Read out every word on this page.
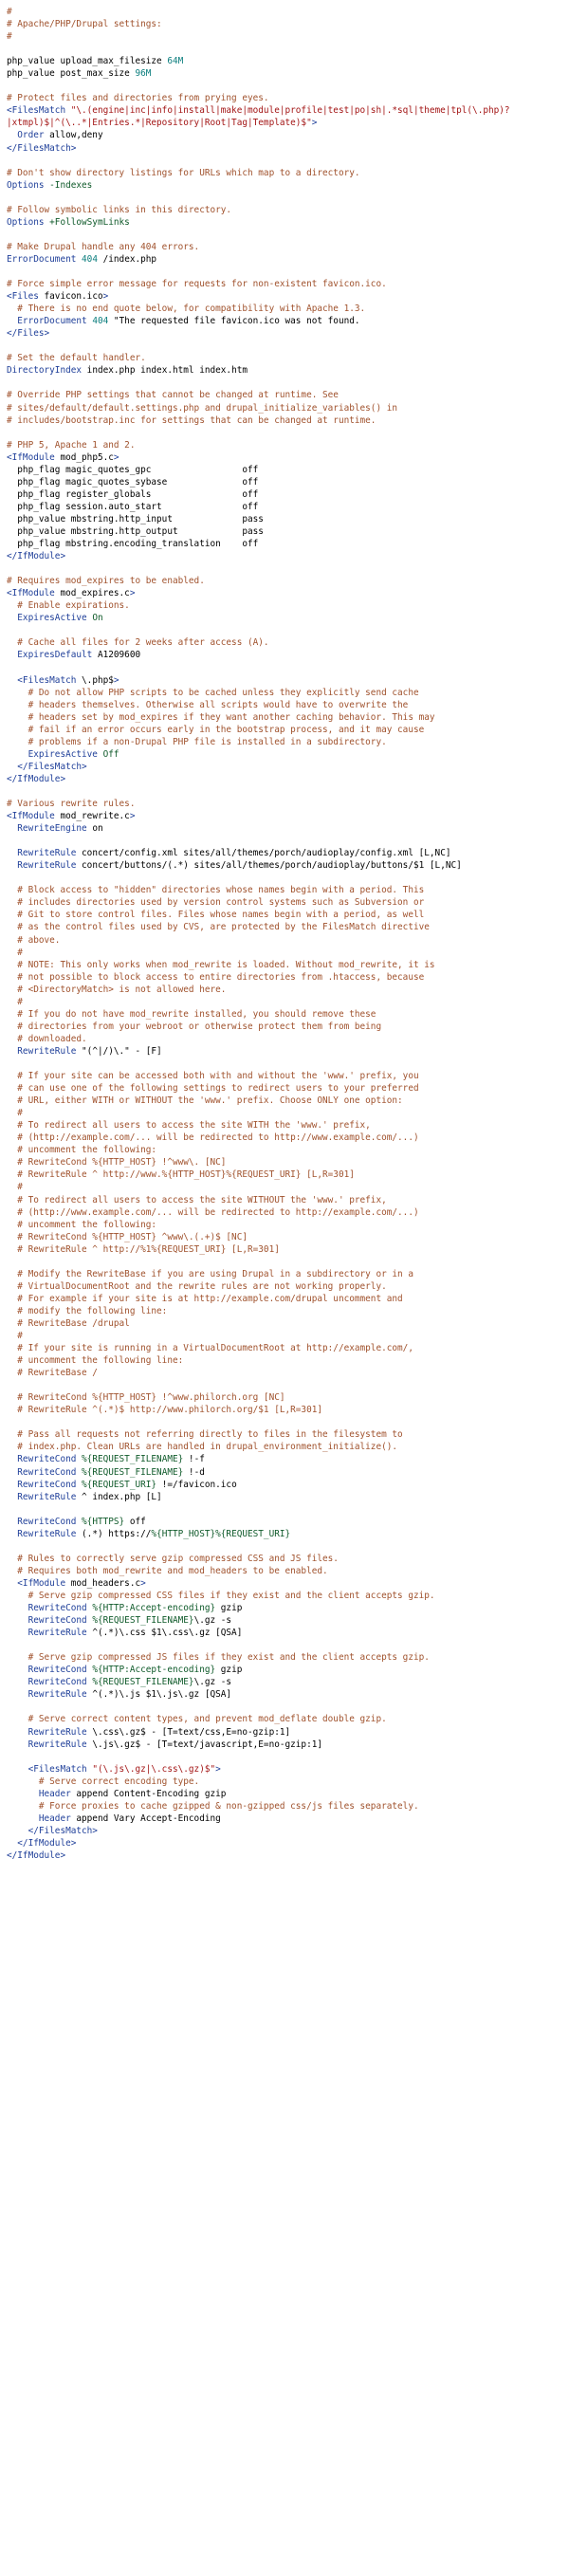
#
# Apache/PHP/Drupal settings:
#
php_value upload_max_filesize 64M
php_value post_max_size 96M
# Protect files and directories from prying eyes.
<FilesMatch "\.(engine|inc|info|install|make|module|profile|test|po|sh|.*sql|theme|tpl(\.php)?
|xtmpl)$|^(\..*|Entries.*|Repository|Root|Tag|Template)$">
Order allow,deny
</FilesMatch>
# Don't show directory listings for URLs which map to a directory.
Options -Indexes
# Follow symbolic links in this directory.
Options +FollowSymLinks
# Make Drupal handle any 404 errors.
ErrorDocument 404 /index.php
# Force simple error message for requests for non-existent favicon.ico.
<Files favicon.ico>
# There is no end quote below, for compatibility with Apache 1.3.
ErrorDocument 404 "The requested file favicon.ico was not found.
</Files>
# Set the default handler.
DirectoryIndex index.php index.html index.htm
# Override PHP settings that cannot be changed at runtime. See
# sites/default/default.settings.php and drupal_initialize_variables() in
# includes/bootstrap.inc for settings that can be changed at runtime.
# PHP 5, Apache 1 and 2.
<IfModule mod_php5.c>
php_flag magic_quotes_gpc                 off
php_flag magic_quotes_sybase              off
php_flag register_globals                 off
php_flag session.auto_start               off
php_value mbstring.http_input             pass
php_value mbstring.http_output            pass
php_flag mbstring.encoding_translation    off
</IfModule>
# Requires mod_expires to be enabled.
<IfModule mod_expires.c>
# Enable expirations.
ExpiresActive On
# Cache all files for 2 weeks after access (A).
ExpiresDefault A1209600
<FilesMatch \.php$>
# Do not allow PHP scripts to be cached unless they explicitly send cache
# headers themselves. Otherwise all scripts would have to overwrite the
# headers set by mod_expires if they want another caching behavior. This may
# fail if an error occurs early in the bootstrap process, and it may cause
# problems if a non-Drupal PHP file is installed in a subdirectory.
ExpiresActive Off
</FilesMatch>
</IfModule>
# Various rewrite rules.
<IfModule mod_rewrite.c>
RewriteEngine on
RewriteRule concert/config.xml sites/all/themes/porch/audioplay/config.xml [L,NC]
RewriteRule concert/buttons/(.*) sites/all/themes/porch/audioplay/buttons/$1 [L,NC]
# Block access to "hidden" directories whose names begin with a period. This
# includes directories used by version control systems such as Subversion or
# Git to store control files. Files whose names begin with a period, as well
# as the control files used by CVS, are protected by the FilesMatch directive
# above.
#
# NOTE: This only works when mod_rewrite is loaded. Without mod_rewrite, it is
# not possible to block access to entire directories from .htaccess, because
# <DirectoryMatch> is not allowed here.
#
# If you do not have mod_rewrite installed, you should remove these
# directories from your webroot or otherwise protect them from being
# downloaded.
RewriteRule "(^|/)\." - [F]
# If your site can be accessed both with and without the 'www.' prefix, you
# can use one of the following settings to redirect users to your preferred
# URL, either WITH or WITHOUT the 'www.' prefix. Choose ONLY one option:
#
# To redirect all users to access the site WITH the 'www.' prefix,
# (http://example.com/... will be redirected to http://www.example.com/...)
# uncomment the following:
# RewriteCond %{HTTP_HOST} !^www\. [NC]
# RewriteRule ^ http://www.%{HTTP_HOST}%{REQUEST_URI} [L,R=301]
#
# To redirect all users to access the site WITHOUT the 'www.' prefix,
# (http://www.example.com/... will be redirected to http://example.com/...)
# uncomment the following:
# RewriteCond %{HTTP_HOST} ^www\.(.+)$ [NC]
# RewriteRule ^ http://%1%{REQUEST_URI} [L,R=301]
# Modify the RewriteBase if you are using Drupal in a subdirectory or in a
# VirtualDocumentRoot and the rewrite rules are not working properly.
# For example if your site is at http://example.com/drupal uncomment and
# modify the following line:
# RewriteBase /drupal
#
# If your site is running in a VirtualDocumentRoot at http://example.com/,
# uncomment the following line:
# RewriteBase /
# RewriteCond %{HTTP_HOST} !^www.philorch.org [NC]
# RewriteRule ^(.*)$ http://www.philorch.org/$1 [L,R=301]
# Pass all requests not referring directly to files in the filesystem to
# index.php. Clean URLs are handled in drupal_environment_initialize().
RewriteCond %{REQUEST_FILENAME} !-f
RewriteCond %{REQUEST_FILENAME} !-d
RewriteCond %{REQUEST_URI} !=/favicon.ico
RewriteRule ^ index.php [L]
RewriteCond %{HTTPS} off
RewriteRule (.*) https://%{HTTP_HOST}%{REQUEST_URI}
# Rules to correctly serve gzip compressed CSS and JS files.
# Requires both mod_rewrite and mod_headers to be enabled.
<IfModule mod_headers.c>
# Serve gzip compressed CSS files if they exist and the client accepts gzip.
RewriteCond %{HTTP:Accept-encoding} gzip
RewriteCond %{REQUEST_FILENAME}\.gz -s
RewriteRule ^(.*)\.css $1\.css\.gz [QSA]
# Serve gzip compressed JS files if they exist and the client accepts gzip.
RewriteCond %{HTTP:Accept-encoding} gzip
RewriteCond %{REQUEST_FILENAME}\.gz -s
RewriteRule ^(.*)\.js $1\.js\.gz [QSA]
# Serve correct content types, and prevent mod_deflate double gzip.
RewriteRule \.css\.gz$ - [T=text/css,E=no-gzip:1]
RewriteRule \.js\.gz$ - [T=text/javascript,E=no-gzip:1]
<FilesMatch "(\.js\.gz|\.css\.gz)$">
# Serve correct encoding type.
Header append Content-Encoding gzip
# Force proxies to cache gzipped & non-gzipped css/js files separately.
Header append Vary Accept-Encoding
</FilesMatch>
</IfModule>
</IfModule>
